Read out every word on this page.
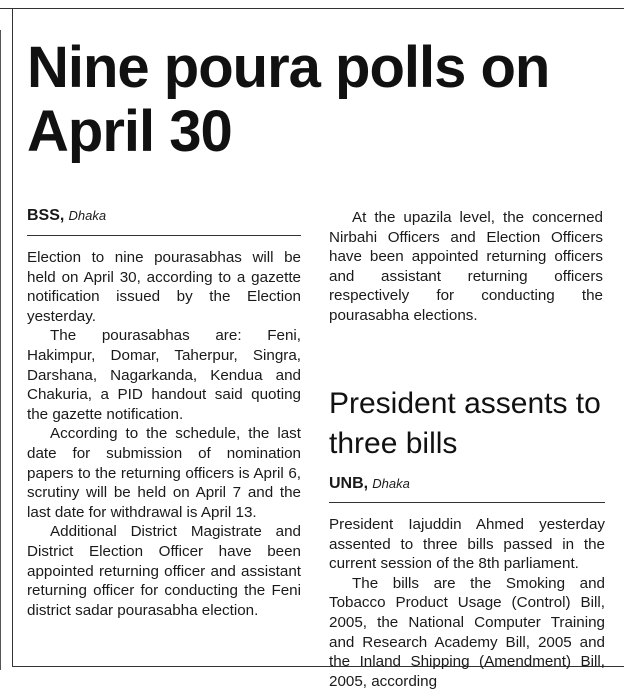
Nine poura polls on April 30
BSS, Dhaka

Election to nine pourasabhas will be held on April 30, according to a gazette notification issued by the Election yesterday.

The pourasabhas are: Feni, Hakimpur, Domar, Taherpur, Singra, Darshana, Nagarkanda, Kendua and Chakuria, a PID handout said quoting the gazette notification.

According to the schedule, the last date for submission of nomination papers to the returning officers is April 6, scrutiny will be held on April 7 and the last date for withdrawal is April 13.

Additional District Magistrate and District Election Officer have been appointed returning officer and assistant returning officer for conducting the Feni district sadar pourasabha election.

At the upazila level, the concerned Nirbahi Officers and Election Officers have been appointed returning officers and assistant returning officers respectively for conducting the pourasabha elections.

President assents to three bills
UNB, Dhaka

President Iajuddin Ahmed yesterday assented to three bills passed in the current session of the 8th parliament.

The bills are the Smoking and Tobacco Product Usage (Control) Bill, 2005, the National Computer Training and Research Academy Bill, 2005 and the Inland Shipping (Amendment) Bill, 2005, according
